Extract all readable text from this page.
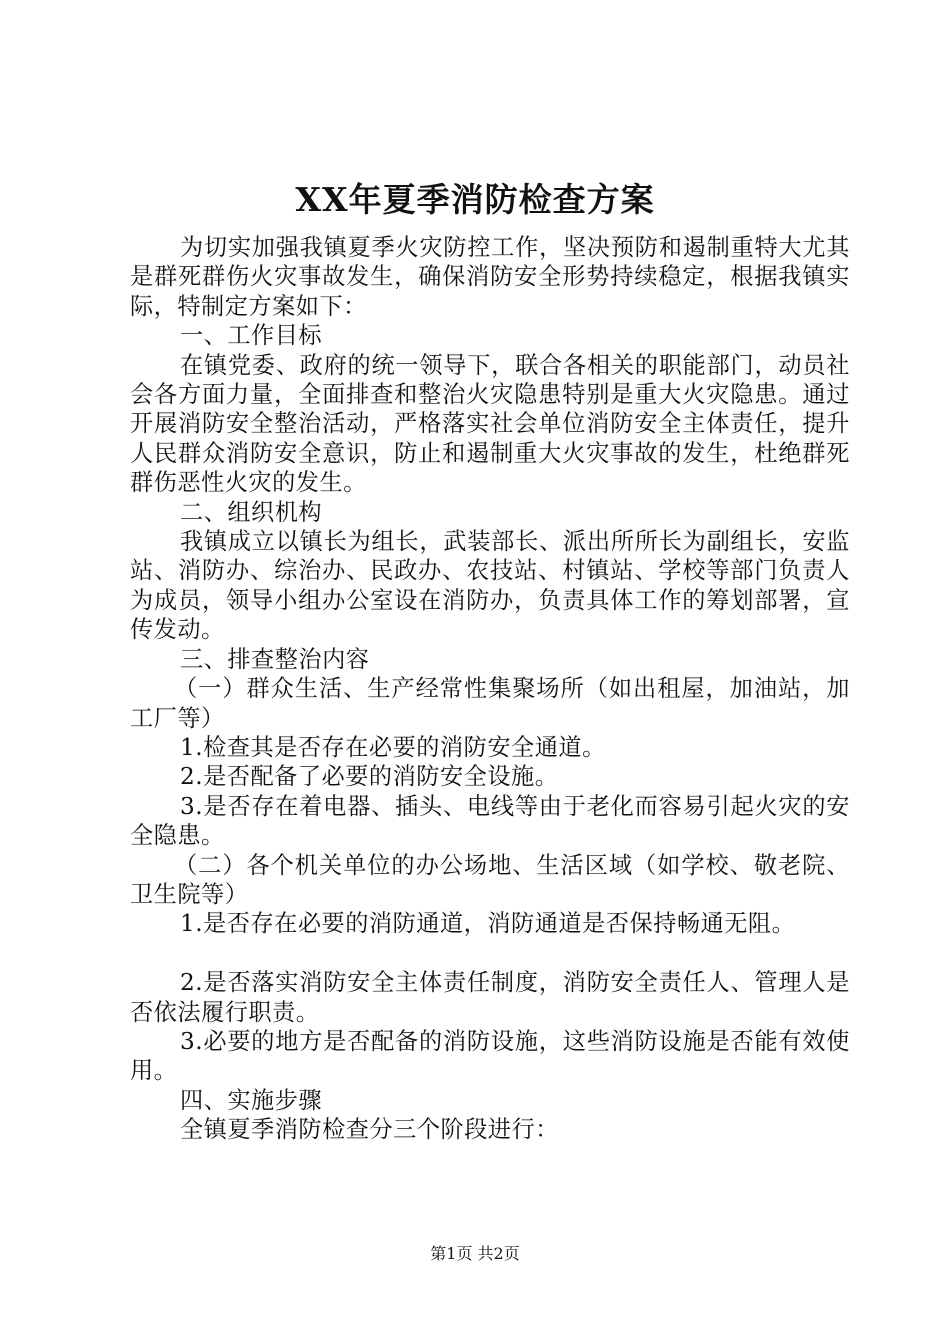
XX年夏季消防检查方案

为切实加强我镇夏季火灾防控工作，坚决预防和遏制重特大尤其是群死群伤火灾事故发生，确保消防安全形势持续稳定，根据我镇实际，特制定方案如下：

一、工作目标

在镇党委、政府的统一领导下，联合各相关的职能部门，动员社会各方面力量，全面排查和整治火灾隐患特别是重大火灾隐患。通过开展消防安全整治活动，严格落实社会单位消防安全主体责任，提升人民群众消防安全意识，防止和遏制重大火灾事故的发生，杜绝群死群伤恶性火灾的发生。

二、组织机构

我镇成立以镇长为组长，武装部长、派出所所长为副组长，安监站、消防办、综治办、民政办、农技站、村镇站、学校等部门负责人为成员，领导小组办公室设在消防办，负责具体工作的筹划部署，宣传发动。

三、排查整治内容

（一）群众生活、生产经常性集聚场所（如出租屋，加油站，加工厂等）

1.检查其是否存在必要的消防安全通道。

2.是否配备了必要的消防安全设施。

3.是否存在着电器、插头、电线等由于老化而容易引起火灾的安全隐患。

（二）各个机关单位的办公场地、生活区域（如学校、敬老院、卫生院等）

1.是否存在必要的消防通道，消防通道是否保持畅通无阻。

2.是否落实消防安全主体责任制度，消防安全责任人、管理人是否依法履行职责。

3.必要的地方是否配备的消防设施，这些消防设施是否能有效使用。

四、实施步骤

全镇夏季消防检查分三个阶段进行：

第1页 共2页
